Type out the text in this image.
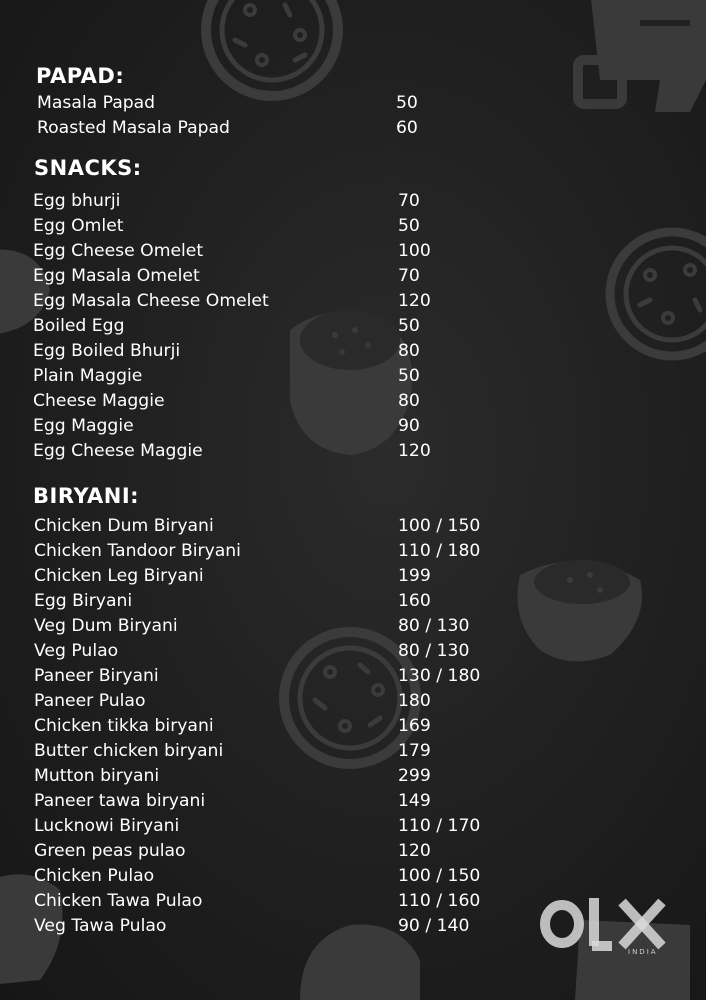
PAPAD:
Masala Papad	50
Roasted Masala Papad	60
SNACKS:
Egg bhurji	70
Egg Omlet	50
Egg Cheese Omelet	100
Egg Masala Omelet	70
Egg Masala Cheese Omelet	120
Boiled Egg	50
Egg Boiled Bhurji	80
Plain Maggie	50
Cheese Maggie	80
Egg Maggie	90
Egg Cheese Maggie	120
BIRYANI:
Chicken Dum Biryani	100 / 150
Chicken Tandoor Biryani	110 / 180
Chicken Leg Biryani	199
Egg Biryani	160
Veg Dum Biryani	80 / 130
Veg Pulao	80 / 130
Paneer Biryani	130 / 180
Paneer Pulao	180
Chicken tikka biryani	169
Butter chicken biryani	179
Mutton biryani	299
Paneer tawa biryani	149
Lucknowi Biryani	110 / 170
Green peas pulao	120
Chicken Pulao	100 / 150
Chicken Tawa Pulao	110 / 160
Veg Tawa Pulao	90 / 140	OLX
INDIA
